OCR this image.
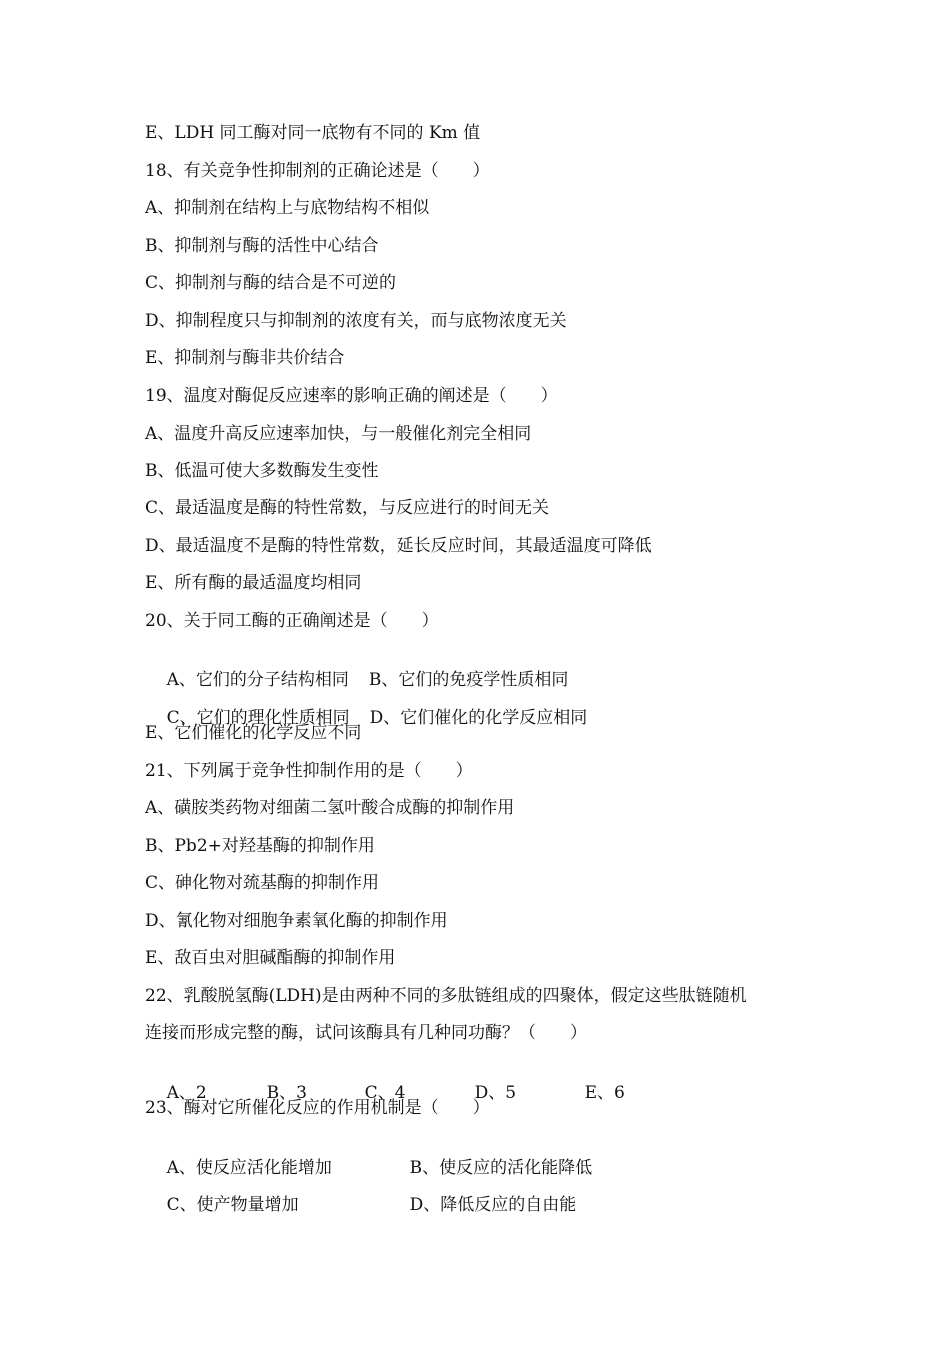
E、LDH 同工酶对同一底物有不同的 Km 值
18、有关竞争性抑制剂的正确论述是（　　）
A、抑制剂在结构上与底物结构不相似
B、抑制剂与酶的活性中心结合
C、抑制剂与酶的结合是不可逆的
D、抑制程度只与抑制剂的浓度有关，而与底物浓度无关
E、抑制剂与酶非共价结合
19、温度对酶促反应速率的影响正确的阐述是（　　）
A、温度升高反应速率加快，与一般催化剂完全相同
B、低温可使大多数酶发生变性
C、最适温度是酶的特性常数，与反应进行的时间无关
D、最适温度不是酶的特性常数，延长反应时间，其最适温度可降低
E、所有酶的最适温度均相同
20、关于同工酶的正确阐述是（　　）

A、它们的分子结构相同 B、它们的免疫学性质相同

C、它们的理化性质相同 D、它们催化的化学反应相同

E、它们催化的化学反应不同
21、下列属于竞争性抑制作用的是（　　）
A、磺胺类药物对细菌二氢叶酸合成酶的抑制作用
B、Pb2+对羟基酶的抑制作用
C、砷化物对巯基酶的抑制作用
D、氰化物对细胞争素氧化酶的抑制作用
E、敌百虫对胆碱酯酶的抑制作用
22、乳酸脱氢酶(LDH)是由两种不同的多肽链组成的四聚体，假定这些肽链随机
连接而形成完整的酶，试问该酶具有几种同功酶？（　　）

A、2	B、3	C、4	D、5	E、6

23、酶对它所催化反应的作用机制是（　　）

A、使反应活化能增加	B、使反应的活化能降低

C、使产物量增加	D、降低反应的自由能
